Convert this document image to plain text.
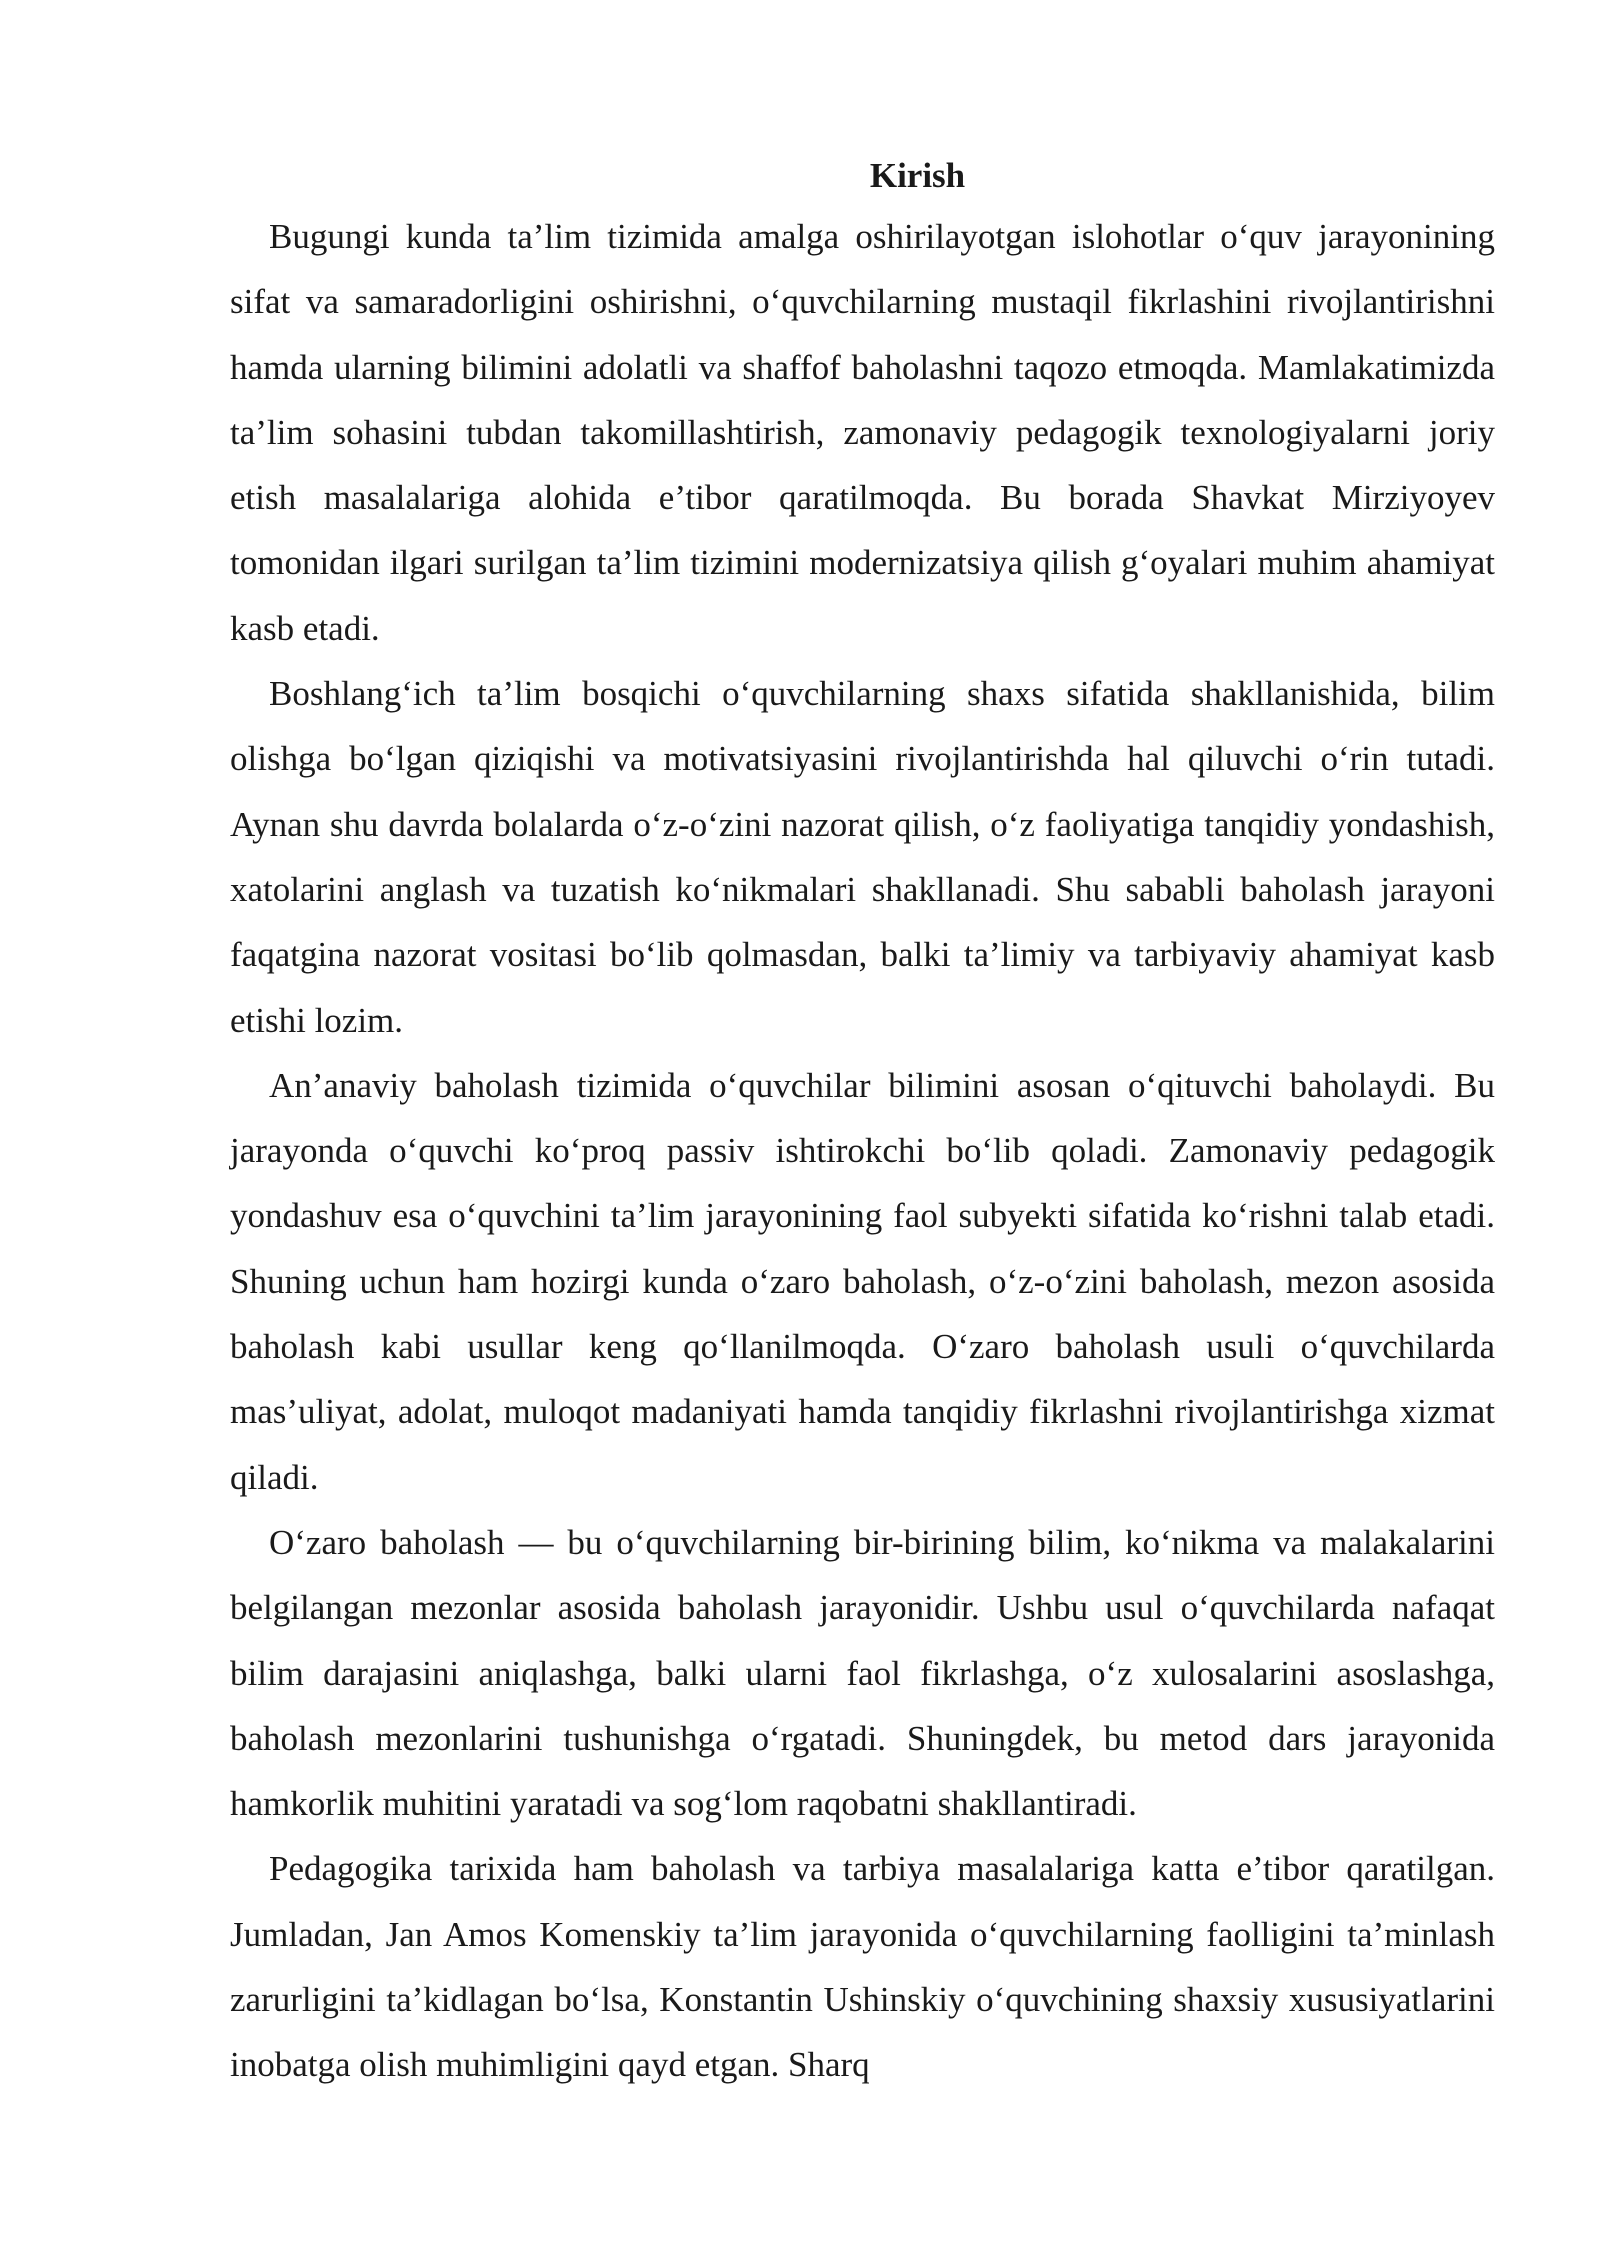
Kirish

Bugungi kunda ta’lim tizimida amalga oshirilayotgan islohotlar o‘quv jarayonining sifat va samaradorligini oshirishni, o‘quvchilarning mustaqil fikrlashini rivojlantirishni hamda ularning bilimini adolatli va shaffof baholashni taqozo etmoqda. Mamlakatimizda ta’lim sohasini tubdan takomillashtirish, zamonaviy pedagogik texnologiyalarni joriy etish masalalariga alohida e’tibor qaratilmoqda. Bu borada Shavkat Mirziyoyev tomonidan ilgari surilgan ta’lim tizimini modernizatsiya qilish g‘oyalari muhim ahamiyat kasb etadi.

Boshlang‘ich ta’lim bosqichi o‘quvchilarning shaxs sifatida shakllanishida, bilim olishga bo‘lgan qiziqishi va motivatsiyasini rivojlantirishda hal qiluvchi o‘rin tutadi. Aynan shu davrda bolalarda o‘z-o‘zini nazorat qilish, o‘z faoliyatiga tanqidiy yondashish, xatolarini anglash va tuzatish ko‘nikmalari shakllanadi. Shu sababli baholash jarayoni faqatgina nazorat vositasi bo‘lib qolmasdan, balki ta’limiy va tarbiyaviy ahamiyat kasb etishi lozim.

An’anaviy baholash tizimida o‘quvchilar bilimini asosan o‘qituvchi baholaydi. Bu jarayonda o‘quvchi ko‘proq passiv ishtirokchi bo‘lib qoladi. Zamonaviy pedagogik yondashuv esa o‘quvchini ta’lim jarayonining faol subyekti sifatida ko‘rishni talab etadi. Shuning uchun ham hozirgi kunda o‘zaro baholash, o‘z-o‘zini baholash, mezon asosida baholash kabi usullar keng qo‘llanilmoqda. O‘zaro baholash usuli o‘quvchilarda mas’uliyat, adolat, muloqot madaniyati hamda tanqidiy fikrlashni rivojlantirishga xizmat qiladi.

O‘zaro baholash — bu o‘quvchilarning bir-birining bilim, ko‘nikma va malakalarini belgilangan mezonlar asosida baholash jarayonidir. Ushbu usul o‘quvchilarda nafaqat bilim darajasini aniqlashga, balki ularni faol fikrlashga, o‘z xulosalarini asoslashga, baholash mezonlarini tushunishga o‘rgatadi. Shuningdek, bu metod dars jarayonida hamkorlik muhitini yaratadi va sog‘lom raqobatni shakllantiradi.

Pedagogika tarixida ham baholash va tarbiya masalalariga katta e’tibor qaratilgan. Jumladan, Jan Amos Komenskiy ta’lim jarayonida o‘quvchilarning faolligini ta’minlash zarurligini ta’kidlagan bo‘lsa, Konstantin Ushinskiy o‘quvchining shaxsiy xususiyatlarini inobatga olish muhimligini qayd etgan. Sharq
